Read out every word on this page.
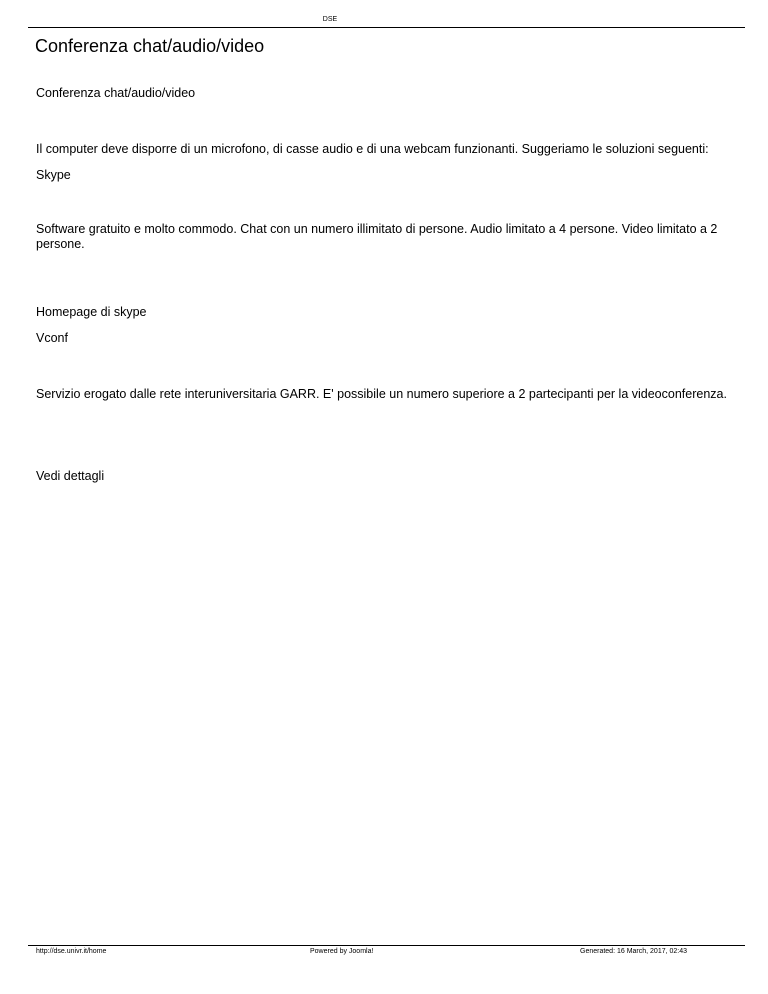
DSE
Conferenza chat/audio/video

Conferenza chat/audio/video

Il computer deve disporre di un microfono, di casse audio e di una webcam funzionanti. Suggeriamo le soluzioni seguenti:

Skype

Software gratuito e molto commodo. Chat con un numero illimitato di persone. Audio limitato a 4 persone. Video limitato a 2 persone.

Homepage di skype

Vconf

Servizio erogato dalle rete interuniversitaria GARR. E' possibile un numero superiore a 2 partecipanti per la videoconferenza.

Vedi dettagli

http://dse.univr.it/home	Powered by Joomla!	Generated: 16 March, 2017, 02:43
